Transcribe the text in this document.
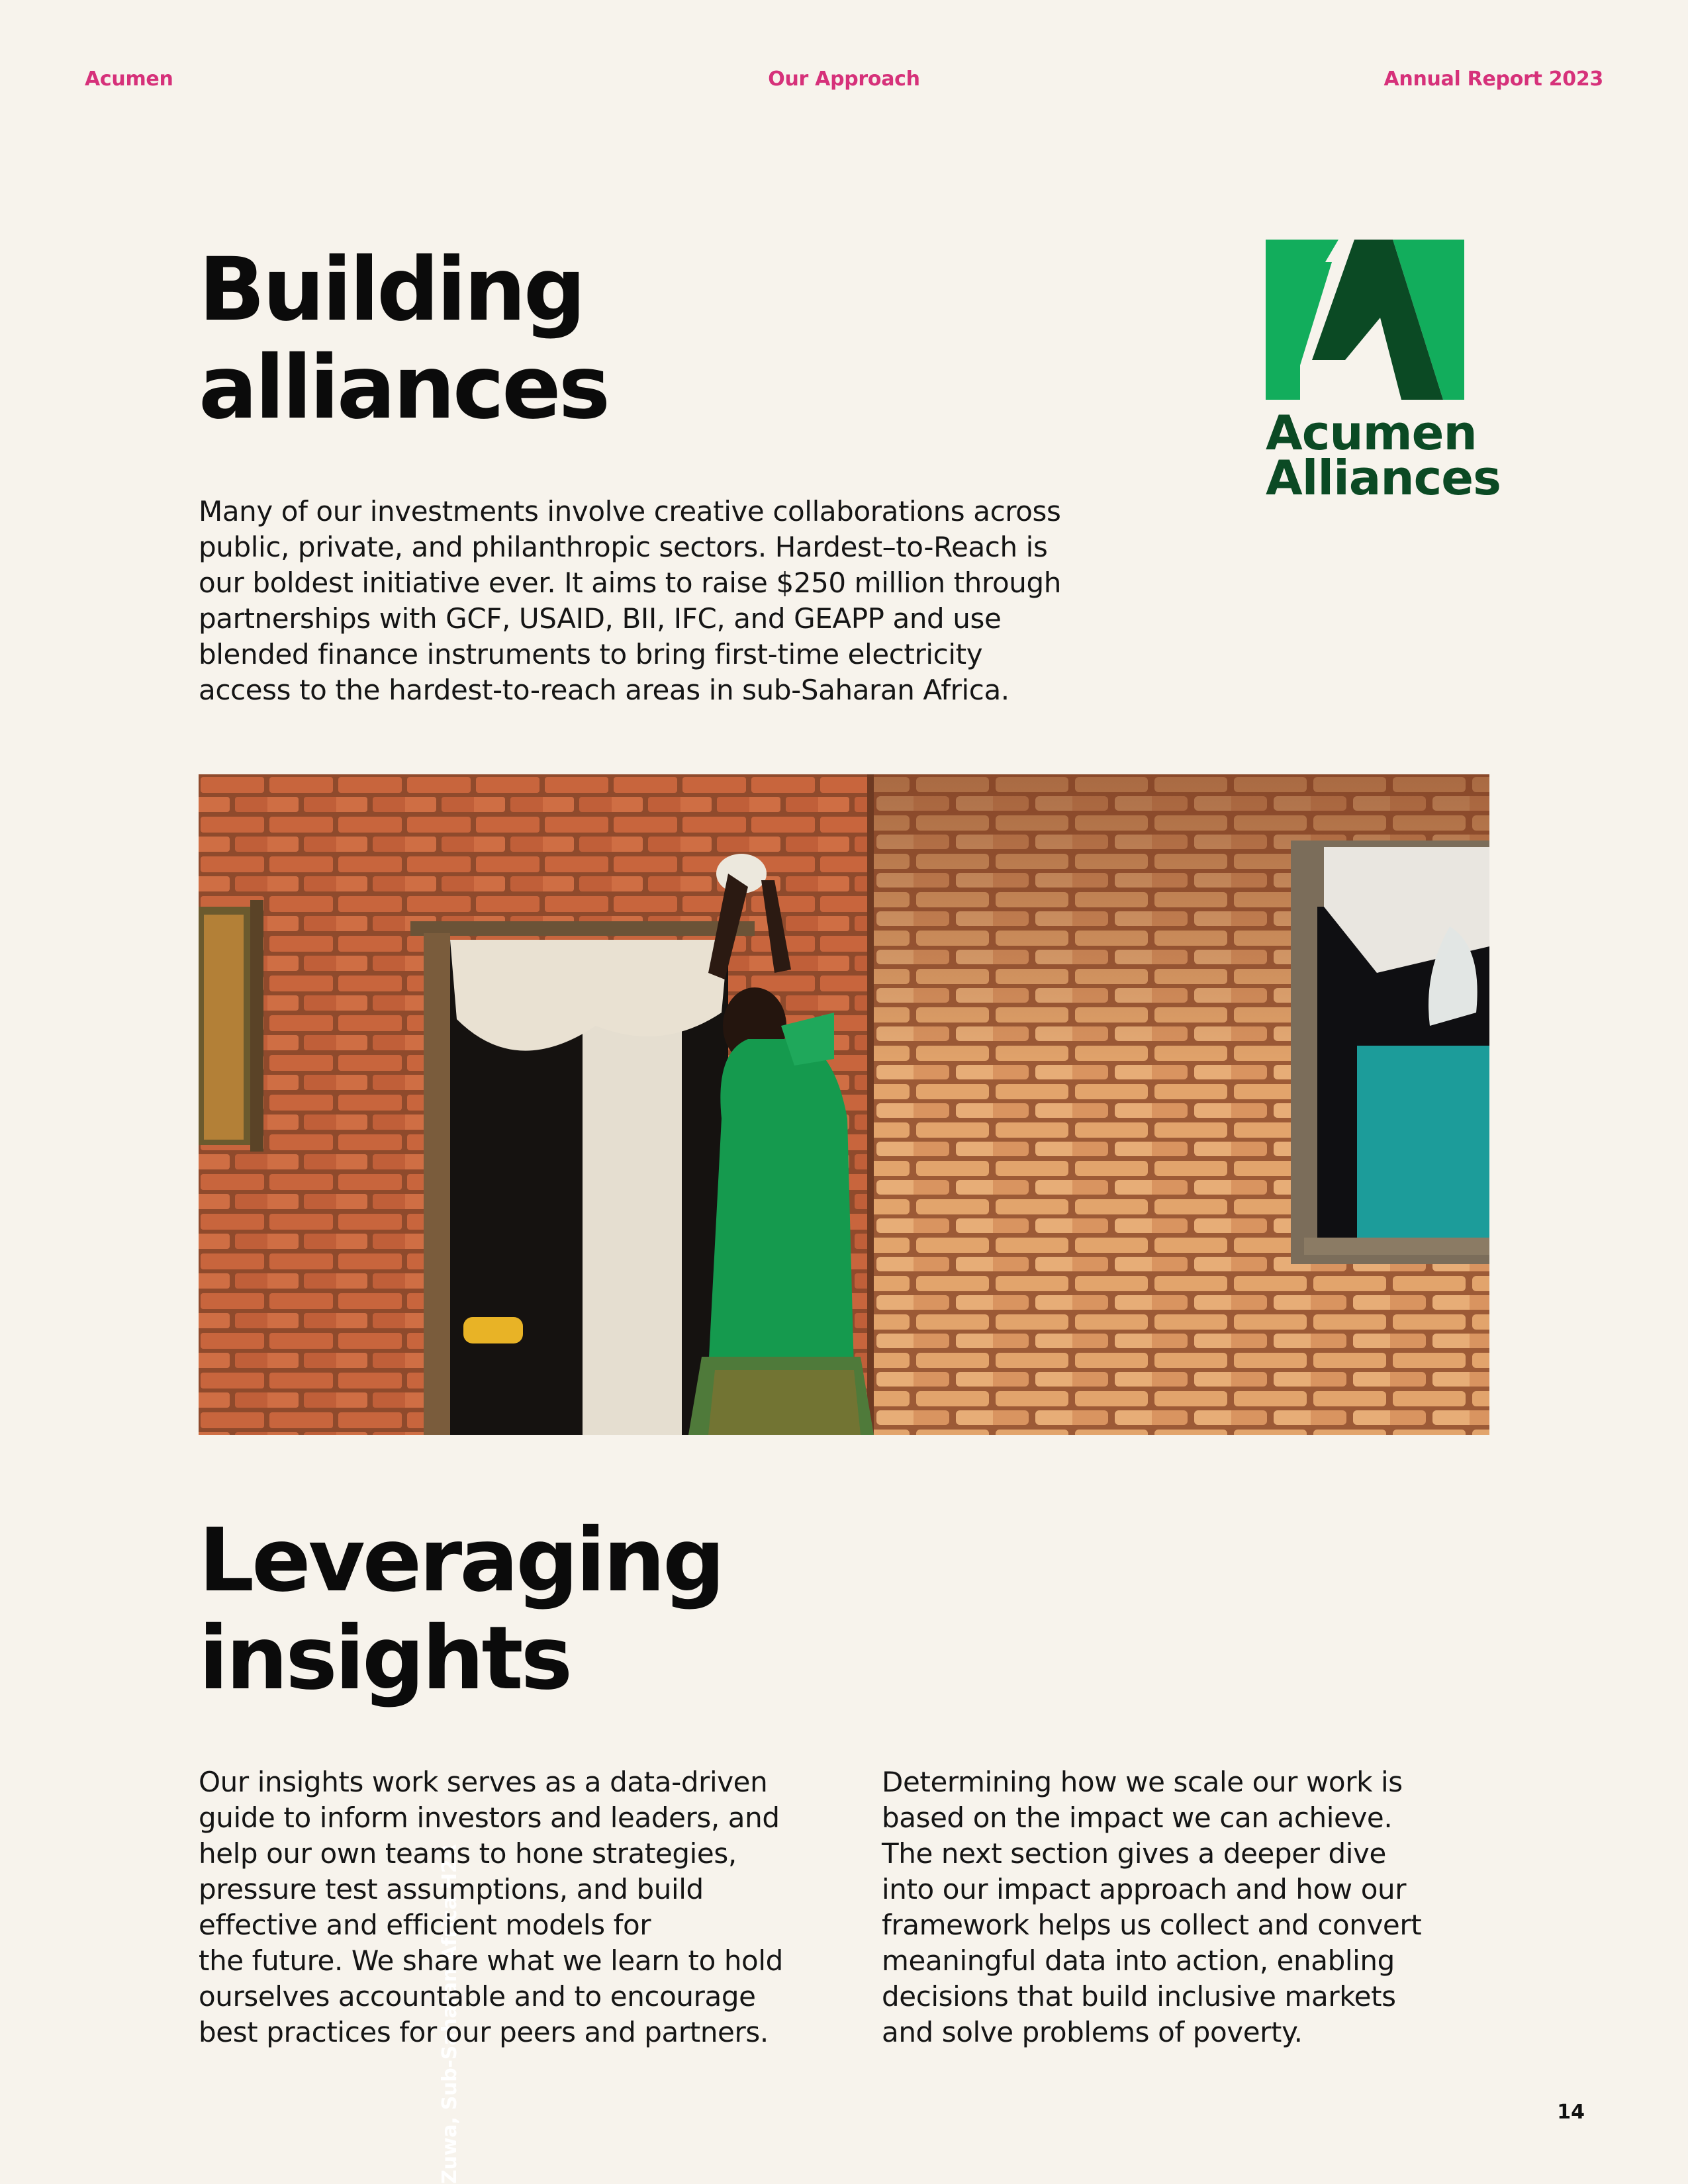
Acumen	Our Approach	Annual Report 2023
Building
alliances	Acumen
Alliances
Many of our investments involve creative collaborations across
public, private, and philanthropic sectors. Hardest–to-Reach is
our boldest initiative ever. It aims to raise $250 million through
partnerships with GCF, USAID, BII, IFC, and GEAPP and use
blended finance instruments to bring first-time electricity
access to the hardest-to-reach areas in sub-Saharan Africa.
Zuwa, Sub-Saharan Africa H2R
Leveraging
insights
Our insights work serves as a data-driven
guide to inform investors and leaders, and
help our own teams to hone strategies,
pressure test assumptions, and build
effective and efficient models for
the future. We share what we learn to hold
ourselves accountable and to encourage
best practices for our peers and partners.
Determining how we scale our work is
based on the impact we can achieve.
The next section gives a deeper dive
into our impact approach and how our
framework helps us collect and convert
meaningful data into action, enabling
decisions that build inclusive markets
and solve problems of poverty.
14
